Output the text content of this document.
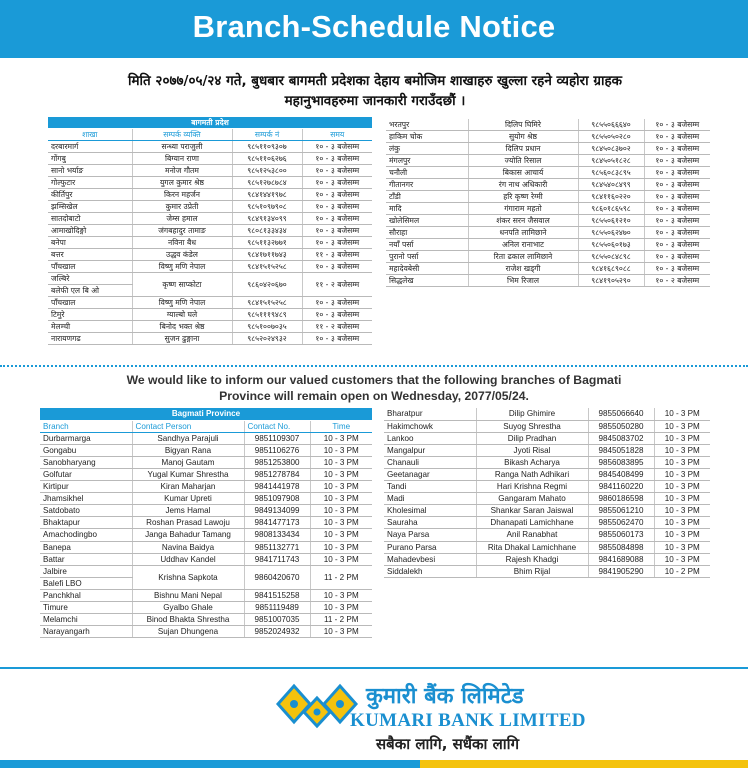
Branch-Schedule Notice
मिति २०७७/०५/२४ गते, बुधबार बागमती प्रदेशका देहाय बमोजिम शाखाहरु खुल्ला रहने व्यहोरा ग्राहक
महानुभावहरुमा जानकारी गराउँदछौं ।
बागमती प्रदेश			
शाखा	सम्पर्क व्यक्ति	सम्पर्क नं	समय
दरबारमार्ग	सन्ध्या पराजुली	९८५११०९३०७	१० - ३ बजेसम्म
गोंगबु	बिग्यान राणा	९८५११०६२७६	१० - ३ बजेसम्म
सानो भर्याङ	मनोज गौतम	९८५१२५३८००	१० - ३ बजेसम्म
गोल्फुटार	युगल कुमार श्रेष्ठ	९८५१२७८७८४	१० - ३ बजेसम्म
कीर्तिपुर	किरन महर्जन	९८४१४४१९७८	१० - ३ बजेसम्म
झम्सिखेल	कुमार उप्रेती	९८५१०९७९०८	१० - ३ बजेसम्म
सातदोबाटो	जेम्स हमाल	९८४९१३४०९९	१० - ३ बजेसम्म
आमाखोदिङ्गो	जंगबहादुर तामाङ	९८०८१३३४३४	१० - ३ बजेसम्म
बनेपा	नविना बैध	९८५११३२७७१	१० - ३ बजेसम्म
बत्तर	उद्धव कंडेल	९८४१७११७४३	११ - ३ बजेसम्म
पाँचखाल	विष्णु मणि नेपाल	९८४१५१५२५८	१० - ३ बजेसम्म
जल्बिरे	कृष्ण साप्कोटा	९८६०४२०६७०	११ - २ बजेसम्म
बलेफी एल बि ओ			
पाँचखाल	विष्णु मणि नेपाल	९८४१५१५२५८	१० - ३ बजेसम्म
टिमुरे	ग्याल्बो घले	९८५१११९४८९	१० - ३ बजेसम्म
मेलम्ची	बिनोद भक्त श्रेष्ठ	९८५१००७०३५	११ - २ बजेसम्म
नारायणगढ	सुजन ढुङ्गाना	९८५२०२४९३२	१० - ३ बजेसम्म
भरतपुर	दिलिप घिमिरे	९८५५०६६६४०	१० - ३ बजेसम्म
हाकिम चोक	सुयोग श्रेष्ठ	९८५५०५०२८०	१० - ३ बजेसम्म
लंकु	दिलिप प्रधान	९८४५०८३७०२	१० - ३ बजेसम्म
मंगलपुर	ज्योति रिसाल	९८४५०५१८२८	१० - ३ बजेसम्म
चनौली	बिकास आचार्य	९८५६०८३८९५	१० - ३ बजेसम्म
गीतानगर	रंग नाथ अधिकारी	९८४५४०८४९९	१० - ३ बजेसम्म
टाँडी	हरि कृष्ण रेग्मी	९८४११६०२२०	१० - ३ बजेसम्म
मादि	गंगाराम महतो	९८६०१८६५९८	१० - ३ बजेसम्म
खोलेसिमल	शंकर सरन जैसवाल	९८५५०६१२१०	१० - ३ बजेसम्म
सौराहा	धनपति लामिछाने	९८५५०६२४७०	१० - ३ बजेसम्म
नयाँ पर्सा	अनिल रानाभाट	९८५५०६०१७३	१० - ३ बजेसम्म
पुरानो पर्सा	रिता ढकाल लामिछाने	९८५५०८४८९८	१० - ३ बजेसम्म
महादेवबेसी	राजेश खड्गी	९८४१६८९०८८	१० - ३ बजेसम्म
सिद्धलेख	भिम रिजाल	९८४१९०५२९०	१० - २ बजेसम्म
We would like to inform our valued customers that the following branches of Bagmati
Province will remain open on Wednesday, 2077/05/24.
Bagmati Province			
Branch	Contact Person	Contact No.	Time
Durbarmarga	Sandhya Parajuli	9851109307	10 - 3 PM
Gongabu	Bigyan Rana	9851106276	10 - 3 PM
Sanobharyang	Manoj Gautam	9851253800	10 - 3 PM
Golfutar	Yugal Kumar Shrestha	9851278784	10 - 3 PM
Kirtipur	Kiran Maharjan	9841441978	10 - 3 PM
Jhamsikhel	Kumar Upreti	9851097908	10 - 3 PM
Satdobato	Jems Hamal	9849134099	10 - 3 PM
Bhaktapur	Roshan Prasad Lawoju	9841477173	10 - 3 PM
Amachodingbo	Janga Bahadur Tamang	9808133434	10 - 3 PM
Banepa	Navina Baidya	9851132771	10 - 3 PM
Battar	Uddhav Kandel	9841711743	10 - 3 PM
Jalbire	Krishna Sapkota	9860420670	11 - 2 PM
Balefi LBO			
Panchkhal	Bishnu Mani Nepal	9841515258	10 - 3 PM
Timure	Gyalbo Ghale	9851119489	10 - 3 PM
Melamchi	Binod Bhakta Shrestha	9851007035	11 - 2 PM
Narayangarh	Sujan Dhungena	9852024932	10 - 3 PM
Bharatpur	Dilip Ghimire	9855066640	10 - 3 PM
Hakimchowk	Suyog Shrestha	9855050280	10 - 3 PM
Lankoo	Dilip Pradhan	9845083702	10 - 3 PM
Mangalpur	Jyoti Risal	9845051828	10 - 3 PM
Chanauli	Bikash Acharya	9856083895	10 - 3 PM
Geetanagar	Ranga Nath Adhikari	9845408499	10 - 3 PM
Tandi	Hari Krishna Regmi	9841160220	10 - 3 PM
Madi	Gangaram Mahato	9860186598	10 - 3 PM
Kholesimal	Shankar Saran Jaiswal	9855061210	10 - 3 PM
Sauraha	Dhanapati Lamichhane	9855062470	10 - 3 PM
Naya Parsa	Anil Ranabhat	9855060173	10 - 3 PM
Purano Parsa	Rita Dhakal Lamichhane	9855084898	10 - 3 PM
Mahadevbesi	Rajesh Khadgi	9841689088	10 - 3 PM
Siddalekh	Bhim Rijal	9841905290	10 - 2 PM
कुमारी बैंक लिमिटेड
KUMARI BANK LIMITED
सबैका लागि, सधैंका लागि
